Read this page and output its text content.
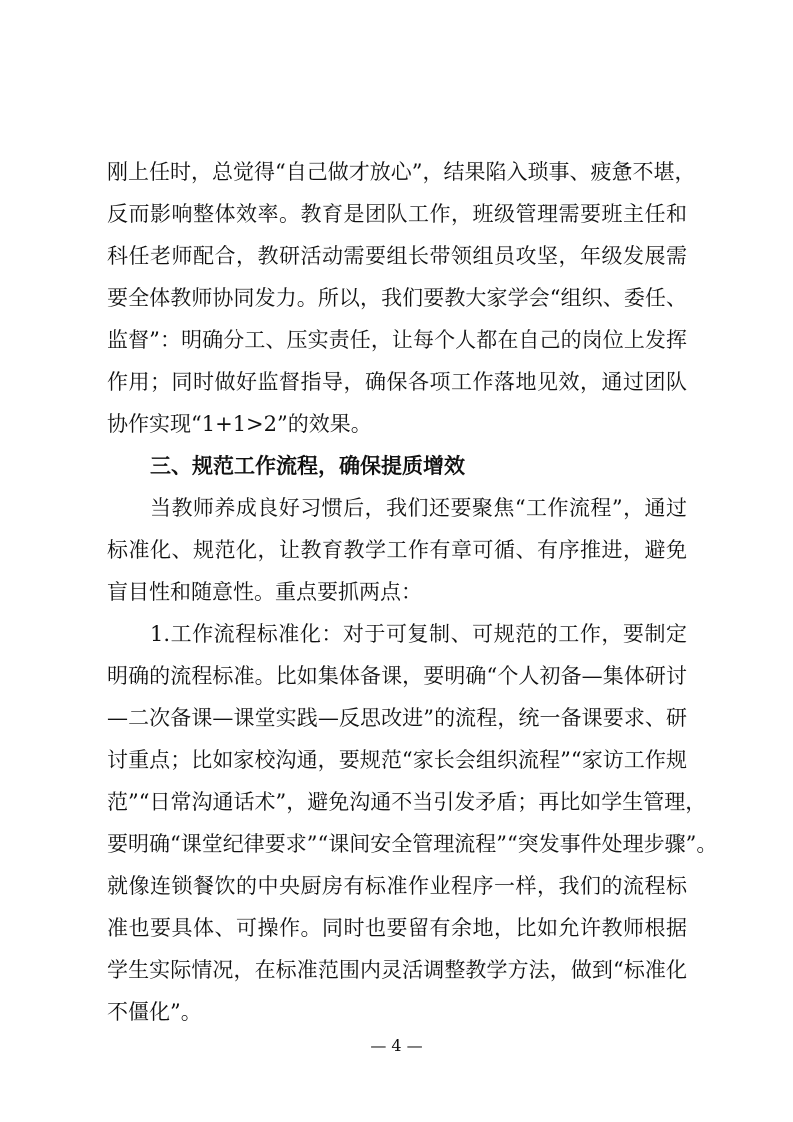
刚上任时，总觉得“自己做才放心”，结果陷入琐事、疲惫不堪，
反而影响整体效率。教育是团队工作，班级管理需要班主任和
科任老师配合，教研活动需要组长带领组员攻坚，年级发展需
要全体教师协同发力。所以，我们要教大家学会“组织、委任、
监督”：明确分工、压实责任，让每个人都在自己的岗位上发挥
作用；同时做好监督指导，确保各项工作落地见效，通过团队
协作实现“1+1>2”的效果。
三、规范工作流程，确保提质增效
当教师养成良好习惯后，我们还要聚焦“工作流程”，通过
标准化、规范化，让教育教学工作有章可循、有序推进，避免
盲目性和随意性。重点要抓两点：
1.工作流程标准化：对于可复制、可规范的工作，要制定
明确的流程标准。比如集体备课，要明确“个人初备—集体研讨
—二次备课—课堂实践—反思改进”的流程，统一备课要求、研
讨重点；比如家校沟通，要规范“家长会组织流程”“家访工作规
范”“日常沟通话术”，避免沟通不当引发矛盾；再比如学生管理，
要明确“课堂纪律要求”“课间安全管理流程”“突发事件处理步骤”。
就像连锁餐饮的中央厨房有标准作业程序一样，我们的流程标
准也要具体、可操作。同时也要留有余地，比如允许教师根据
学生实际情况，在标准范围内灵活调整教学方法，做到“标准化
不僵化”。
— 4 —
